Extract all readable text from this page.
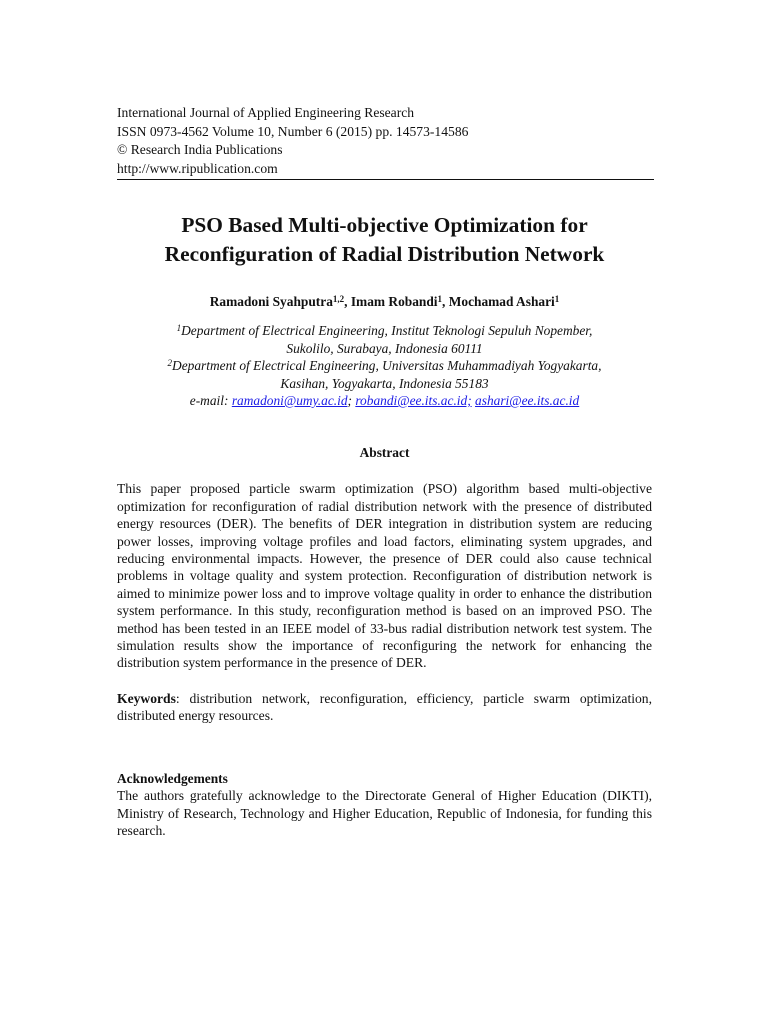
International Journal of Applied Engineering Research
ISSN 0973-4562 Volume 10, Number 6 (2015) pp. 14573-14586
© Research India Publications
http://www.ripublication.com
PSO Based Multi-objective Optimization for
Reconfiguration of Radial Distribution Network
Ramadoni Syahputra$^{1,2}$, Imam Robandi$^1$, Mochamad Ashari$^1$
$^1$Department of Electrical Engineering, Institut Teknologi Sepuluh Nopember,
Sukolilo, Surabaya, Indonesia 60111
$^2$Department of Electrical Engineering, Universitas Muhammadiyah Yogyakarta,
Kasihan, Yogyakarta, Indonesia 55183
e-mail: ramadoni@umy.ac.id; robandi@ee.its.ac.id; ashari@ee.its.ac.id
Abstract
This paper proposed particle swarm optimization (PSO) algorithm based multi-objective optimization for reconfiguration of radial distribution network with the presence of distributed energy resources (DER). The benefits of DER integration in distribution system are reducing power losses, improving voltage profiles and load factors, eliminating system upgrades, and reducing environmental impacts. However, the presence of DER could also cause technical problems in voltage quality and system protection. Reconfiguration of distribution network is aimed to minimize power loss and to improve voltage quality in order to enhance the distribution system performance. In this study, reconfiguration method is based on an improved PSO. The method has been tested in an IEEE model of 33-bus radial distribution network test system. The simulation results show the importance of reconfiguring the network for enhancing the distribution system performance in the presence of DER.
Keywords: distribution network, reconfiguration, efficiency, particle swarm optimization, distributed energy resources.
Acknowledgements
The authors gratefully acknowledge to the Directorate General of Higher Education (DIKTI), Ministry of Research, Technology and Higher Education, Republic of Indonesia, for funding this research.
